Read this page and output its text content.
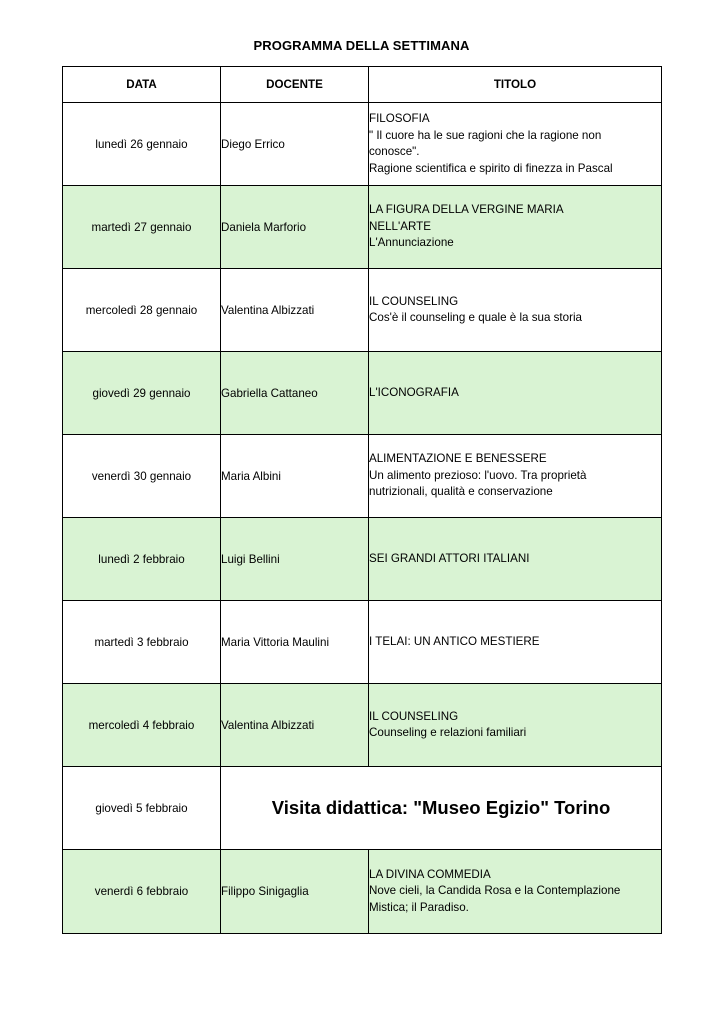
PROGRAMMA DELLA SETTIMANA
DATA	DOCENTE	TITOLO
lunedì 26 gennaio	Diego Errico	FILOSOFIA
" Il cuore ha le sue ragioni che la ragione non
conosce".
Ragione scientifica e spirito di finezza in Pascal

martedì 27 gennaio	Daniela Marforio	LA FIGURA DELLA VERGINE MARIA
NELL'ARTE
L'Annunciazione

mercoledì 28 gennaio	Valentina Albizzati	IL COUNSELING
Cos'è il counseling e quale è la sua storia

giovedì 29 gennaio	Gabriella Cattaneo	L'ICONOGRAFIA

venerdì 30 gennaio	Maria Albini	ALIMENTAZIONE E BENESSERE
Un alimento prezioso: l'uovo. Tra proprietà
nutrizionali, qualità e conservazione

lunedì 2 febbraio	Luigi Bellini	SEI GRANDI ATTORI ITALIANI

martedì 3 febbraio	Maria Vittoria Maulini	I TELAI: UN ANTICO MESTIERE

mercoledì 4 febbraio	Valentina Albizzati	IL COUNSELING
Counseling e relazioni familiari

giovedì 5 febbraio	Visita didattica: "Museo Egizio" Torino	
venerdì 6 febbraio	Filippo Sinigaglia	LA DIVINA COMMEDIA
Nove cieli, la Candida Rosa e la Contemplazione
Mistica; il Paradiso.
